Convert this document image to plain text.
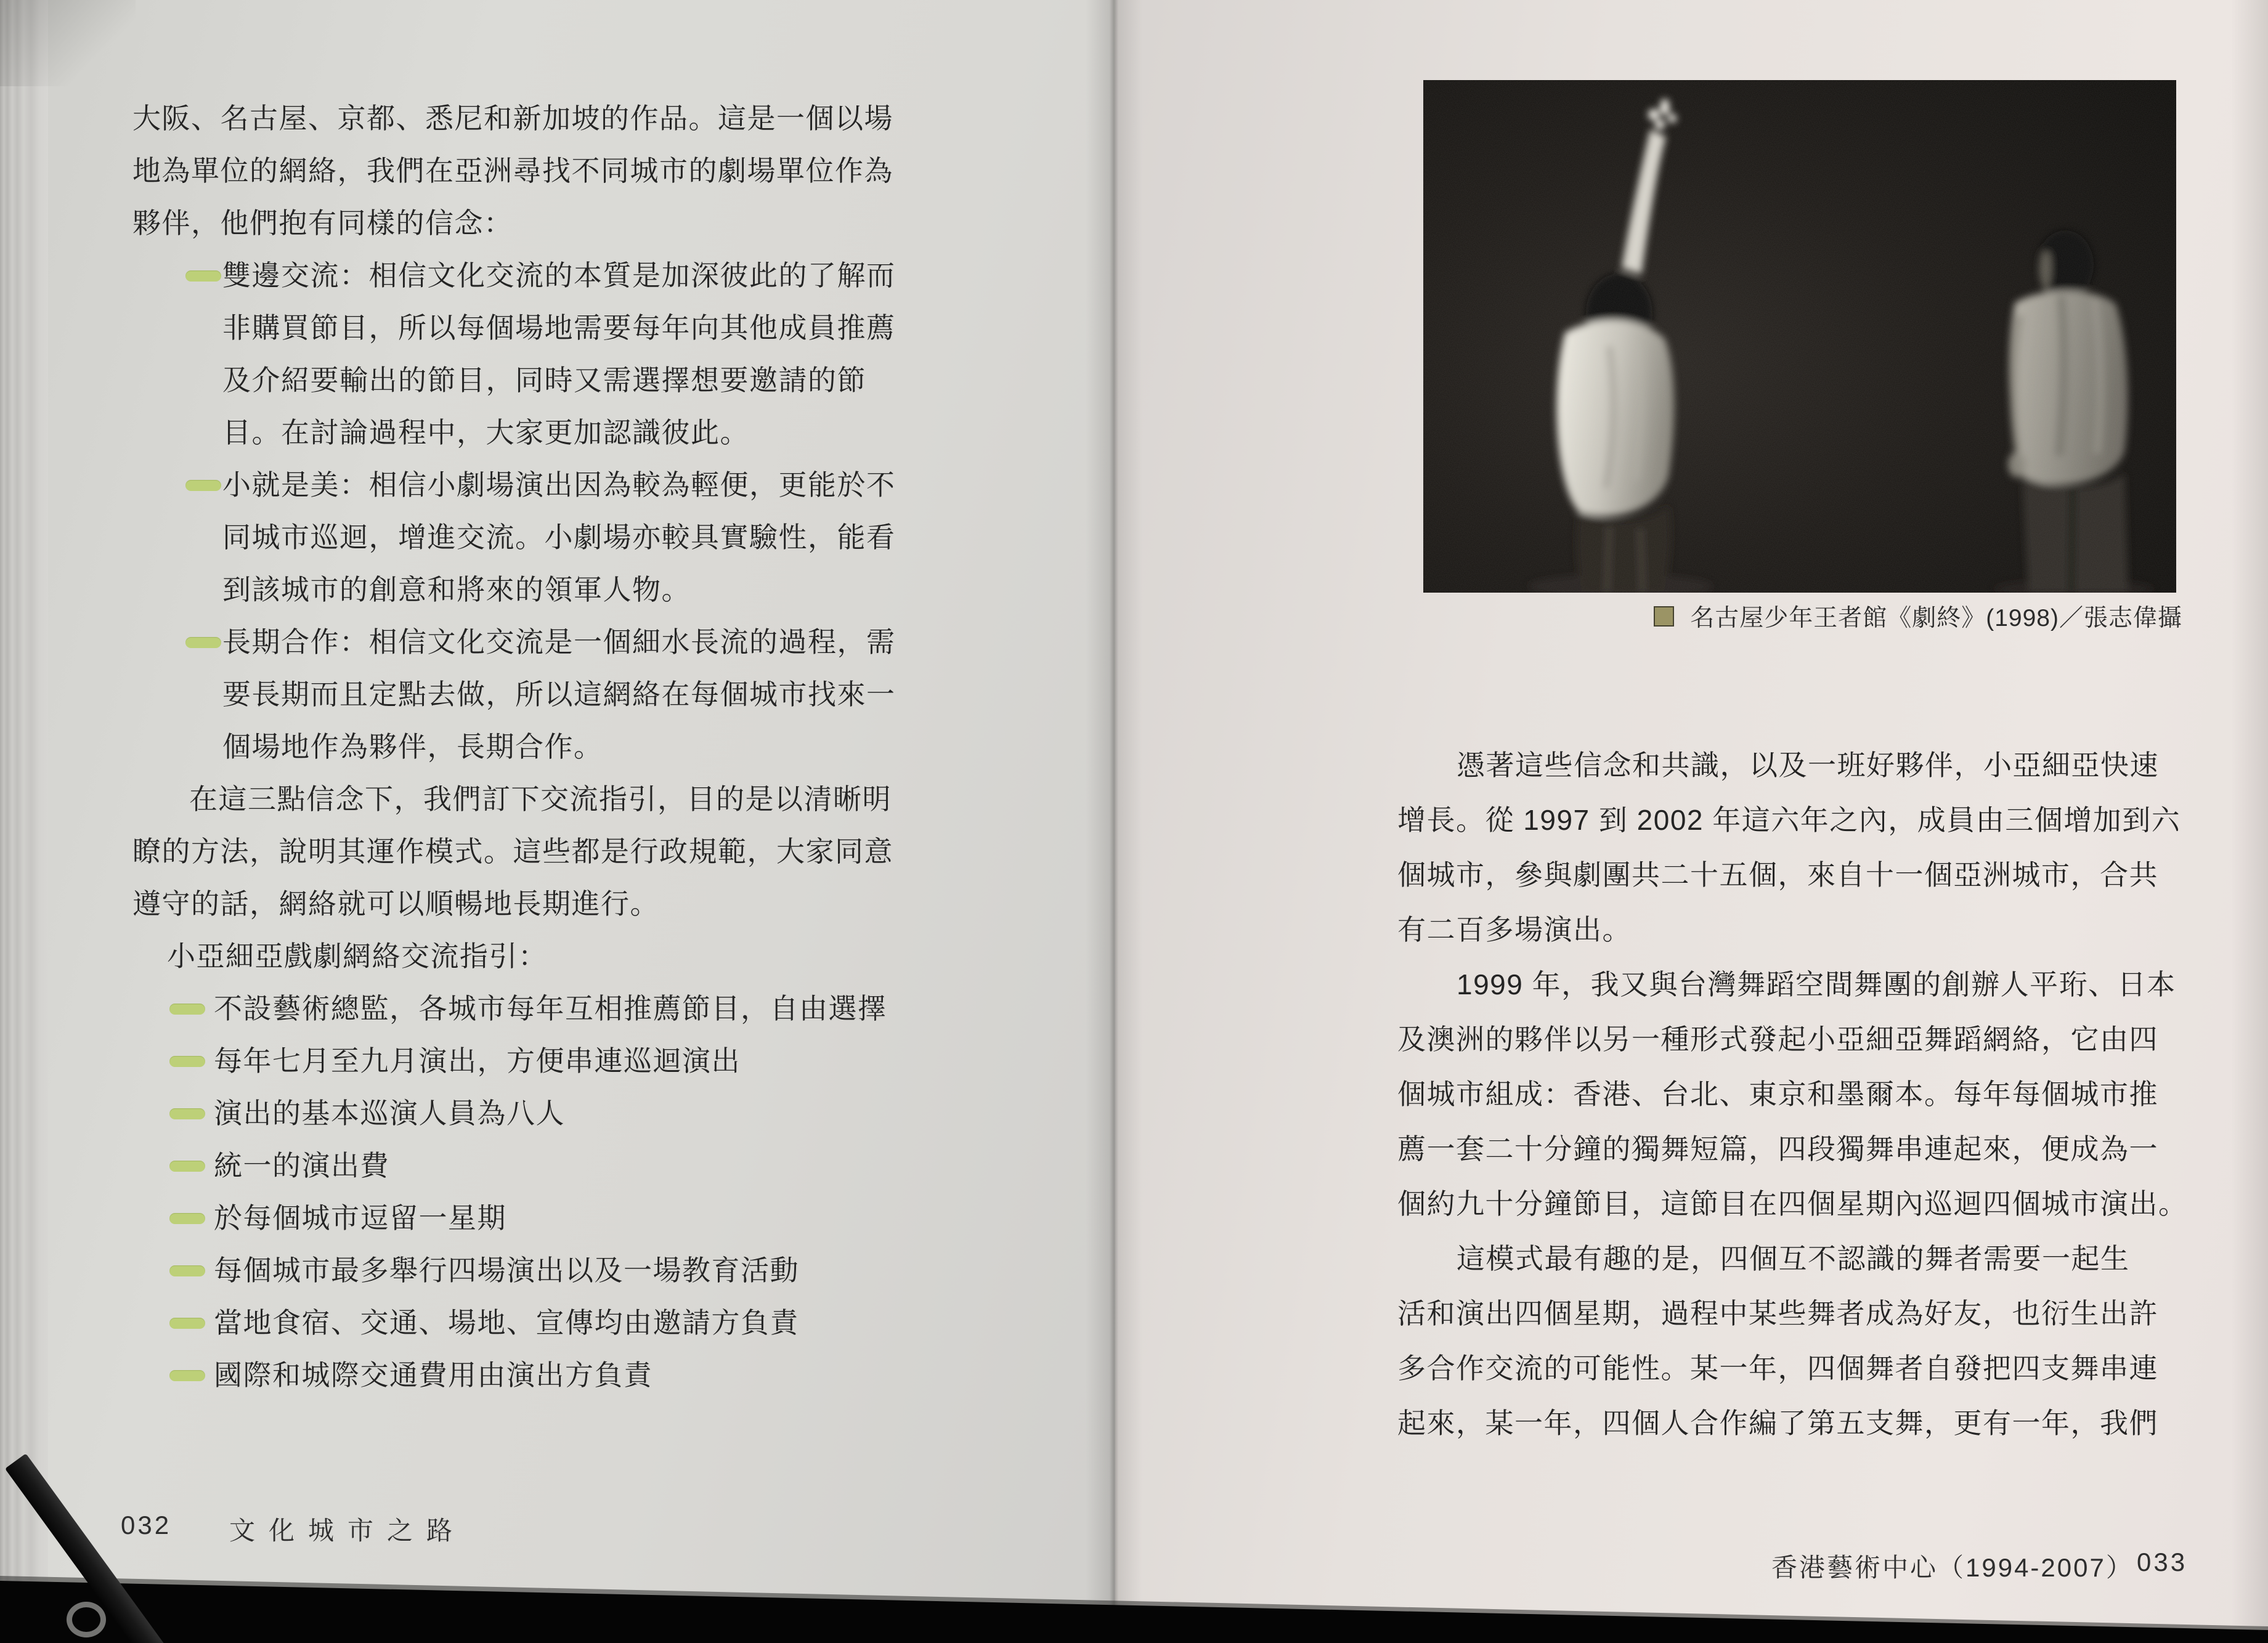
大阪、名古屋、京都、悉尼和新加坡的作品。這是一個以場
地為單位的網絡，我們在亞洲尋找不同城市的劇場單位作為
夥伴，他們抱有同樣的信念：
雙邊交流：相信文化交流的本質是加深彼此的了解而
非購買節目，所以每個場地需要每年向其他成員推薦
及介紹要輸出的節目，同時又需選擇想要邀請的節
目。在討論過程中，大家更加認識彼此。
小就是美：相信小劇場演出因為較為輕便，更能於不
同城市巡迴，增進交流。小劇場亦較具實驗性，能看
到該城市的創意和將來的領軍人物。
長期合作：相信文化交流是一個細水長流的過程，需
要長期而且定點去做，所以這網絡在每個城市找來一
個場地作為夥伴，長期合作。
在這三點信念下，我們訂下交流指引，目的是以清晰明
瞭的方法，說明其運作模式。這些都是行政規範，大家同意
遵守的話，網絡就可以順暢地長期進行。
小亞細亞戲劇網絡交流指引：
不設藝術總監，各城市每年互相推薦節目，自由選擇
每年七月至九月演出，方便串連巡迴演出
演出的基本巡演人員為八人
統一的演出費
於每個城市逗留一星期
每個城市最多舉行四場演出以及一場教育活動
當地食宿、交通、場地、宣傳均由邀請方負責
國際和城際交通費用由演出方負責
032 文化城市之路
名古屋少年王者館《劇終》(1998)／張志偉攝
憑著這些信念和共識，以及一班好夥伴，小亞細亞快速
增長。從 1997 到 2002 年這六年之內，成員由三個增加到六
個城市，參與劇團共二十五個，來自十一個亞洲城市，合共
有二百多場演出。
1999 年，我又與台灣舞蹈空間舞團的創辦人平珩、日本
及澳洲的夥伴以另一種形式發起小亞細亞舞蹈網絡，它由四
個城市組成：香港、台北、東京和墨爾本。每年每個城市推
薦一套二十分鐘的獨舞短篇，四段獨舞串連起來，便成為一
個約九十分鐘節目，這節目在四個星期內巡迴四個城市演出。
這模式最有趣的是，四個互不認識的舞者需要一起生
活和演出四個星期，過程中某些舞者成為好友，也衍生出許
多合作交流的可能性。某一年，四個舞者自發把四支舞串連
起來，某一年，四個人合作編了第五支舞，更有一年，我們
香港藝術中心（1994-2007） 033
